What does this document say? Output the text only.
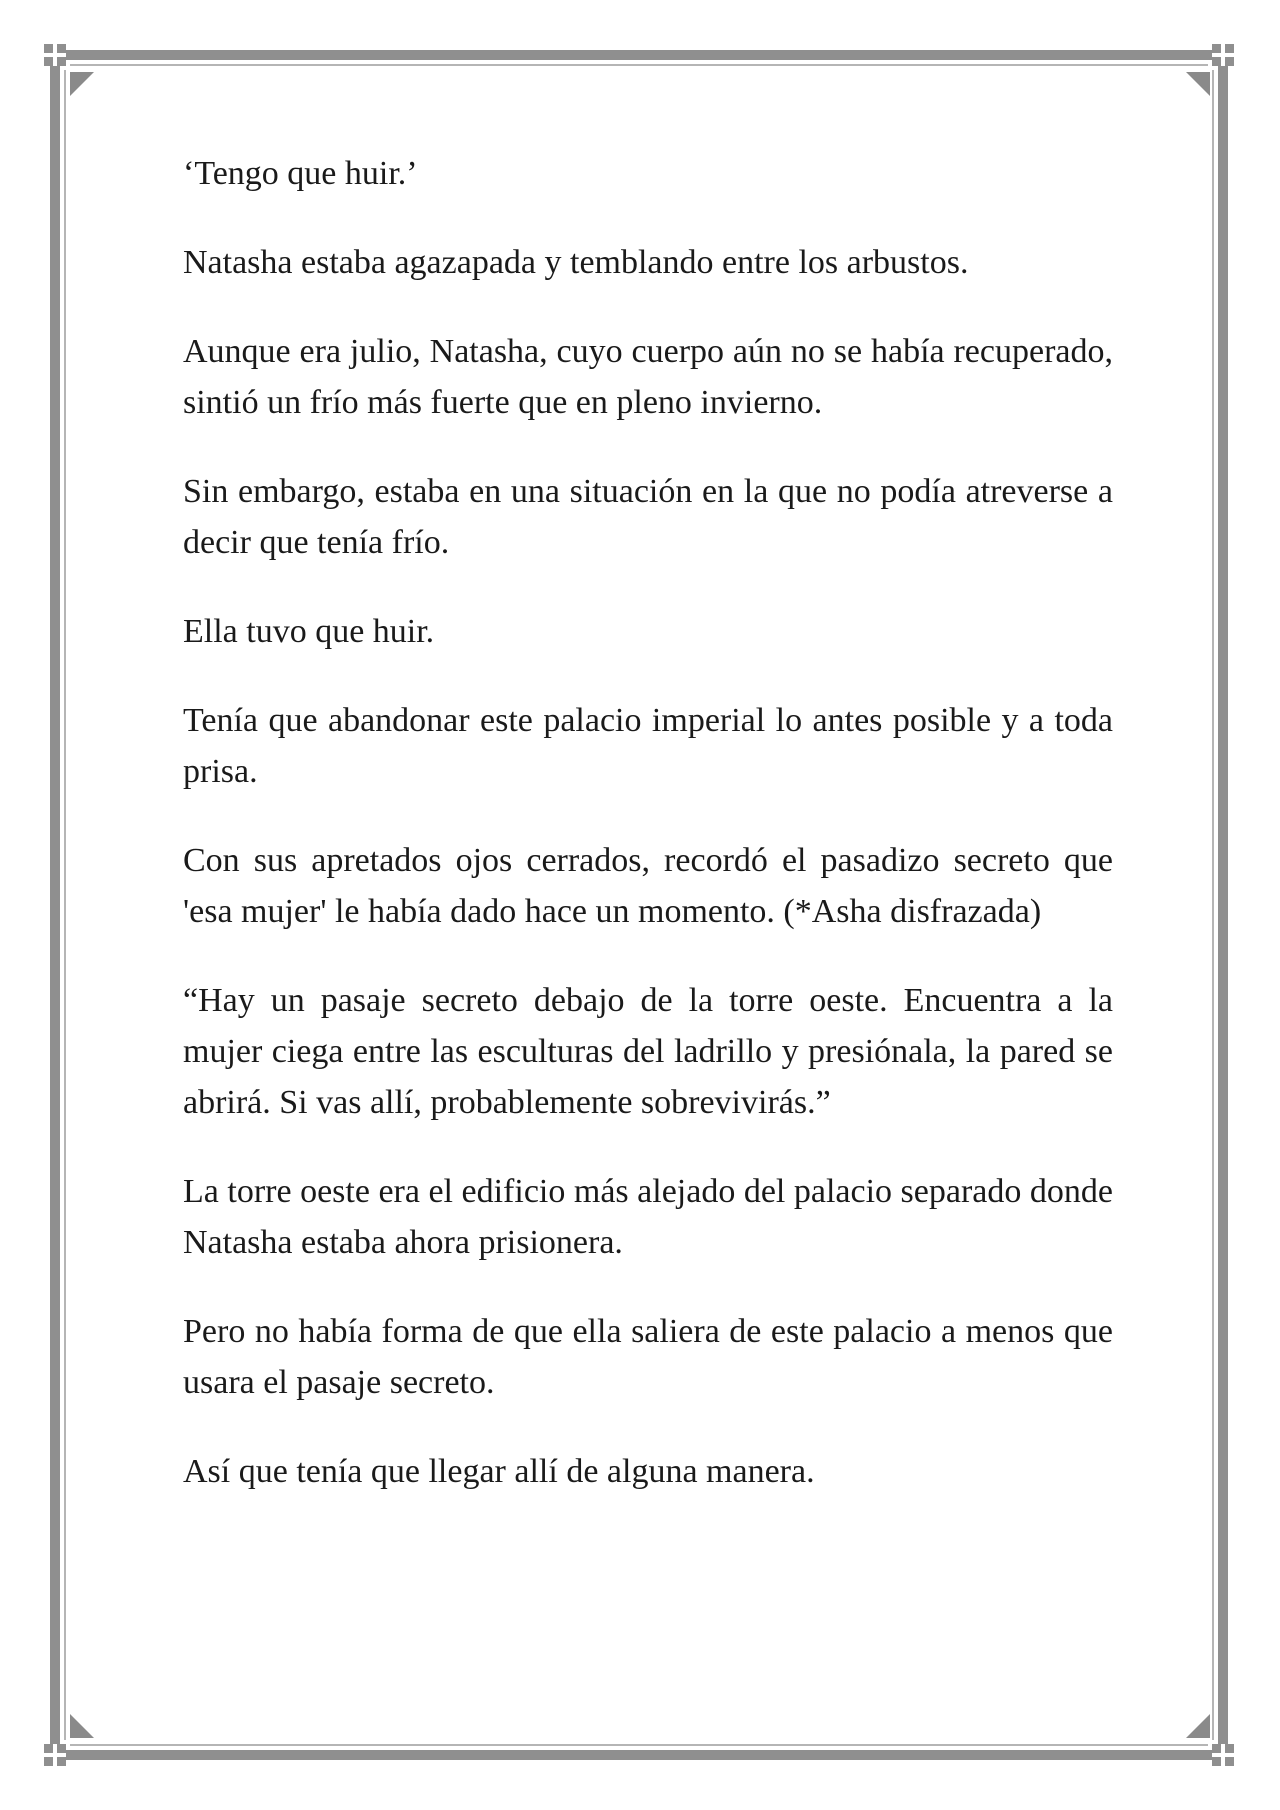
‘Tengo que huir.’

Natasha estaba agazapada y temblando entre los arbustos.

Aunque era julio, Natasha, cuyo cuerpo aún no se había recuperado, sintió un frío más fuerte que en pleno invierno.

Sin embargo, estaba en una situación en la que no podía atreverse a decir que tenía frío.

Ella tuvo que huir.

Tenía que abandonar este palacio imperial lo antes posible y a toda prisa.

Con sus apretados ojos cerrados, recordó el pasadizo secreto que 'esa mujer' le había dado hace un momento. (*Asha disfrazada)

“Hay un pasaje secreto debajo de la torre oeste. Encuentra a la mujer ciega entre las esculturas del ladrillo y presiónala, la pared se abrirá. Si vas allí, probablemente sobrevivirás.”

La torre oeste era el edificio más alejado del palacio separado donde Natasha estaba ahora prisionera.

Pero no había forma de que ella saliera de este palacio a menos que usara el pasaje secreto.

Así que tenía que llegar allí de alguna manera.
